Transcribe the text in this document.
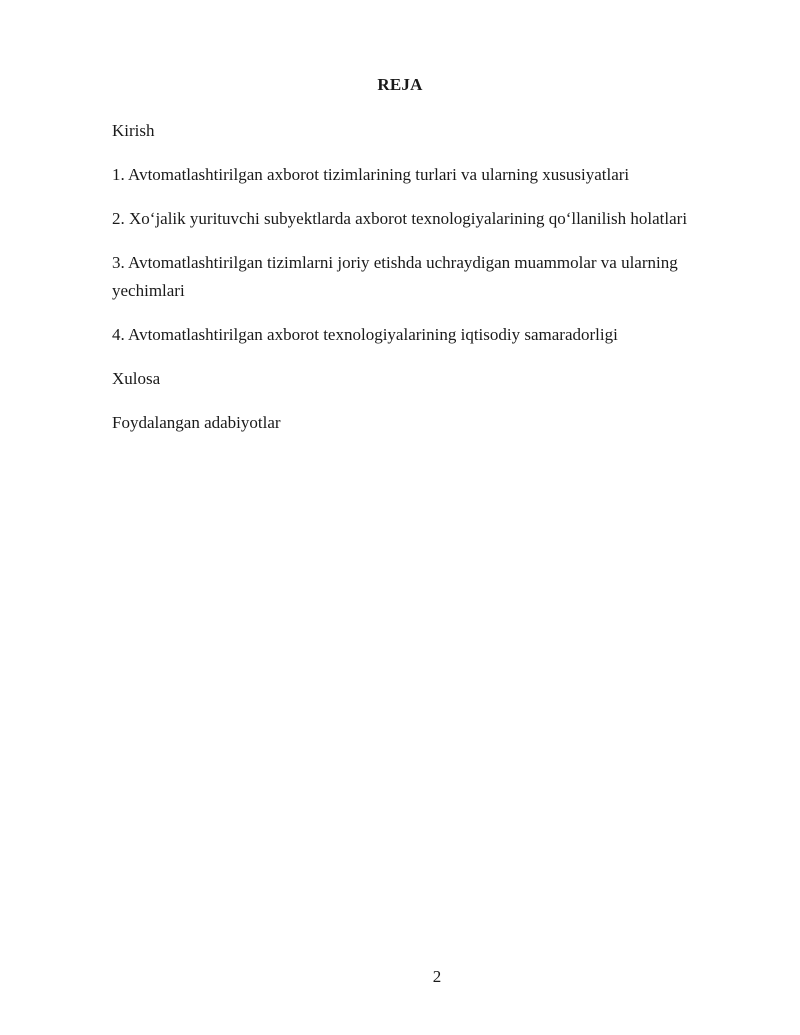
REJA
Kirish
1. Avtomatlashtirilgan axborot tizimlarining turlari va ularning xususiyatlari
2. Xo‘jalik yurituvchi subyektlarda axborot texnologiyalarining qo‘llanilish holatlari
3. Avtomatlashtirilgan tizimlarni joriy etishda uchraydigan muammolar va ularning yechimlari
4. Avtomatlashtirilgan axborot texnologiyalarining iqtisodiy samaradorligi
Xulosa
Foydalangan adabiyotlar
2
